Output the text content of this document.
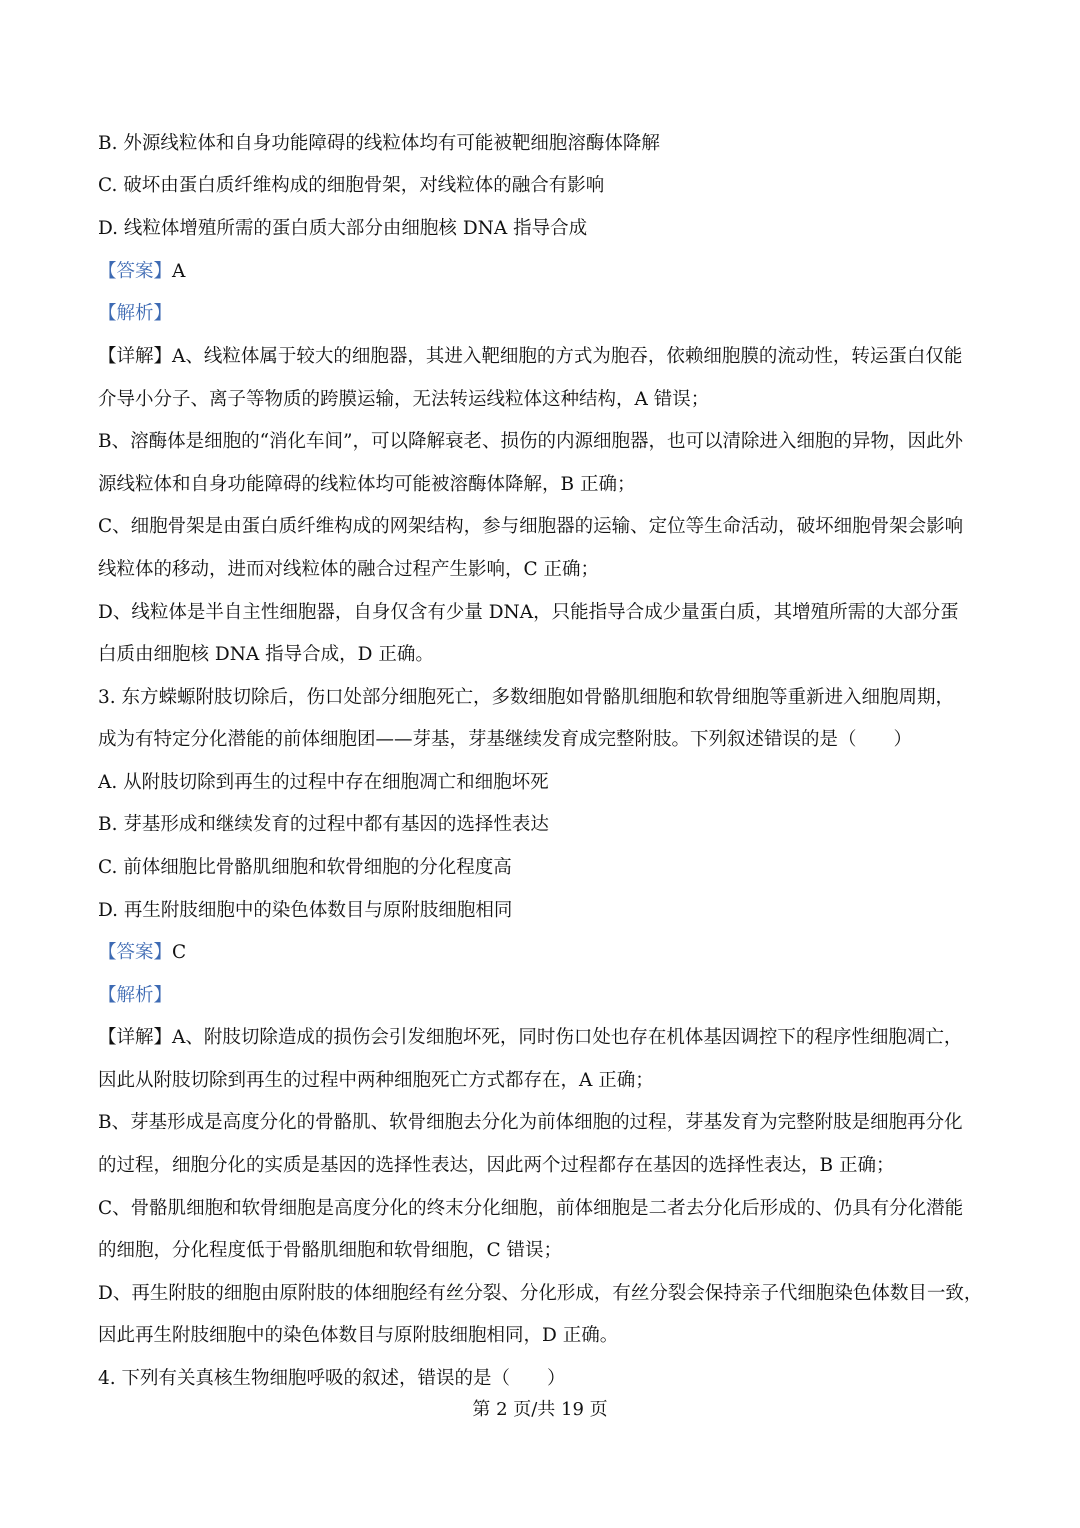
B. 外源线粒体和自身功能障碍的线粒体均有可能被靶细胞溶酶体降解
C. 破坏由蛋白质纤维构成的细胞骨架，对线粒体的融合有影响
D. 线粒体增殖所需的蛋白质大部分由细胞核 DNA 指导合成
【答案】A
【解析】
【详解】A、线粒体属于较大的细胞器，其进入靶细胞的方式为胞吞，依赖细胞膜的流动性，转运蛋白仅能
介导小分子、离子等物质的跨膜运输，无法转运线粒体这种结构，A 错误；
B、溶酶体是细胞的“消化车间”，可以降解衰老、损伤的内源细胞器，也可以清除进入细胞的异物，因此外
源线粒体和自身功能障碍的线粒体均可能被溶酶体降解，B 正确；
C、细胞骨架是由蛋白质纤维构成的网架结构，参与细胞器的运输、定位等生命活动，破坏细胞骨架会影响
线粒体的移动，进而对线粒体的融合过程产生影响，C 正确；
D、线粒体是半自主性细胞器，自身仅含有少量 DNA，只能指导合成少量蛋白质，其增殖所需的大部分蛋
白质由细胞核 DNA 指导合成，D 正确。
3. 东方蝾螈附肢切除后，伤口处部分细胞死亡，多数细胞如骨骼肌细胞和软骨细胞等重新进入细胞周期，
成为有特定分化潜能的前体细胞团——芽基，芽基继续发育成完整附肢。下列叙述错误的是（　　）
A. 从附肢切除到再生的过程中存在细胞凋亡和细胞坏死
B. 芽基形成和继续发育的过程中都有基因的选择性表达
C. 前体细胞比骨骼肌细胞和软骨细胞的分化程度高
D. 再生附肢细胞中的染色体数目与原附肢细胞相同
【答案】C
【解析】
【详解】A、附肢切除造成的损伤会引发细胞坏死，同时伤口处也存在机体基因调控下的程序性细胞凋亡，
因此从附肢切除到再生的过程中两种细胞死亡方式都存在，A 正确；
B、芽基形成是高度分化的骨骼肌、软骨细胞去分化为前体细胞的过程，芽基发育为完整附肢是细胞再分化
的过程，细胞分化的实质是基因的选择性表达，因此两个过程都存在基因的选择性表达，B 正确；
C、骨骼肌细胞和软骨细胞是高度分化的终末分化细胞，前体细胞是二者去分化后形成的、仍具有分化潜能
的细胞，分化程度低于骨骼肌细胞和软骨细胞，C 错误；
D、再生附肢的细胞由原附肢的体细胞经有丝分裂、分化形成，有丝分裂会保持亲子代细胞染色体数目一致，
因此再生附肢细胞中的染色体数目与原附肢细胞相同，D 正确。
4. 下列有关真核生物细胞呼吸的叙述，错误的是（　　）
第 2 页/共 19 页
